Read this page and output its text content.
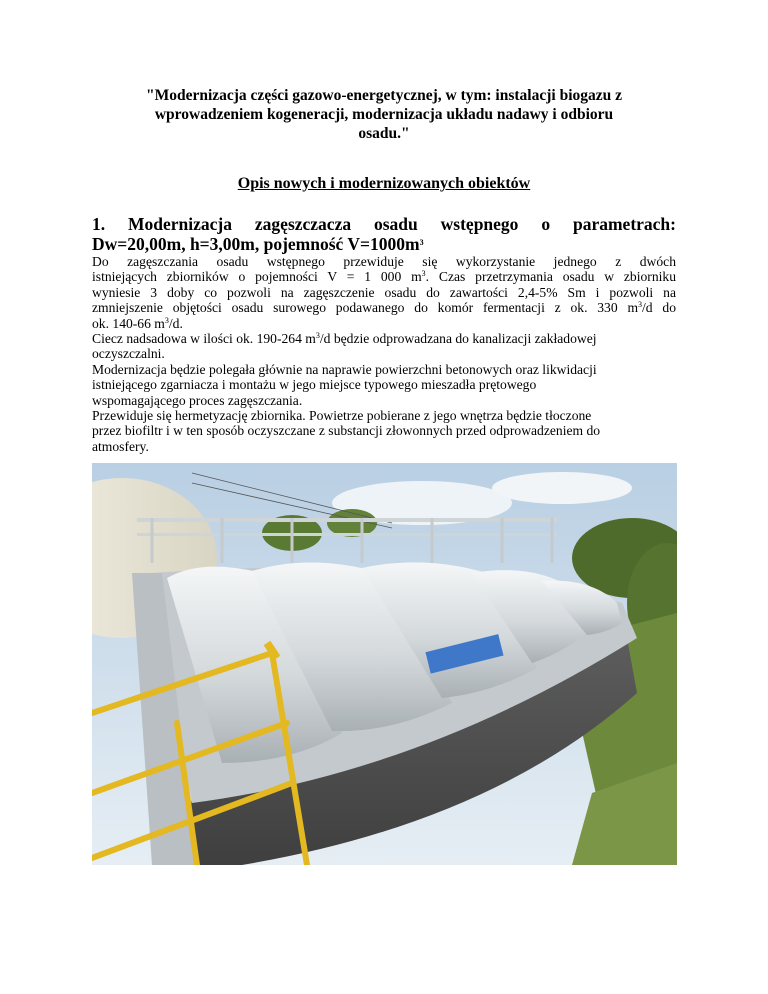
"Modernizacja części gazowo-energetycznej, w tym: instalacji biogazu z
wprowadzeniem kogeneracji, modernizacja układu nadawy i odbioru
osadu."
Opis nowych i modernizowanych obiektów
1. Modernizacja zagęszczacza osadu wstępnego o parametrach:
Dw=20,00m, h=3,00m, pojemność $V=1000m^3$
Do zagęszczania osadu wstępnego przewiduje się wykorzystanie jednego z dwóch
istniejących zbiorników o pojemności V = 1 000 $m^3$. Czas przetrzymania osadu w zbiorniku
wyniesie 3 doby co pozwoli na zagęszczenie osadu do zawartości 2,4-5% Sm i pozwoli na
zmniejszenie objętości osadu surowego podawanego do komór fermentacji z ok. 330 $m^3/d$ do
ok. 140-66 $m^3/d$.
Ciecz nadsadowa w ilości ok. 190-264 $m^3/d$ będzie odprowadzana do kanalizacji zakładowej
oczyszczalni.
Modernizacja będzie polegała głównie na naprawie powierzchni betonowych oraz likwidacji
istniejącego zgarniacza i montażu w jego miejsce typowego mieszadła prętowego
wspomagającego proces zagęszczania.
Przewiduje się hermetyzację zbiornika. Powietrze pobierane z jego wnętrza będzie tłoczone
przez biofiltr i w ten sposób oczyszczane z substancji złowonnych przed odprowadzeniem do
atmosfery.
